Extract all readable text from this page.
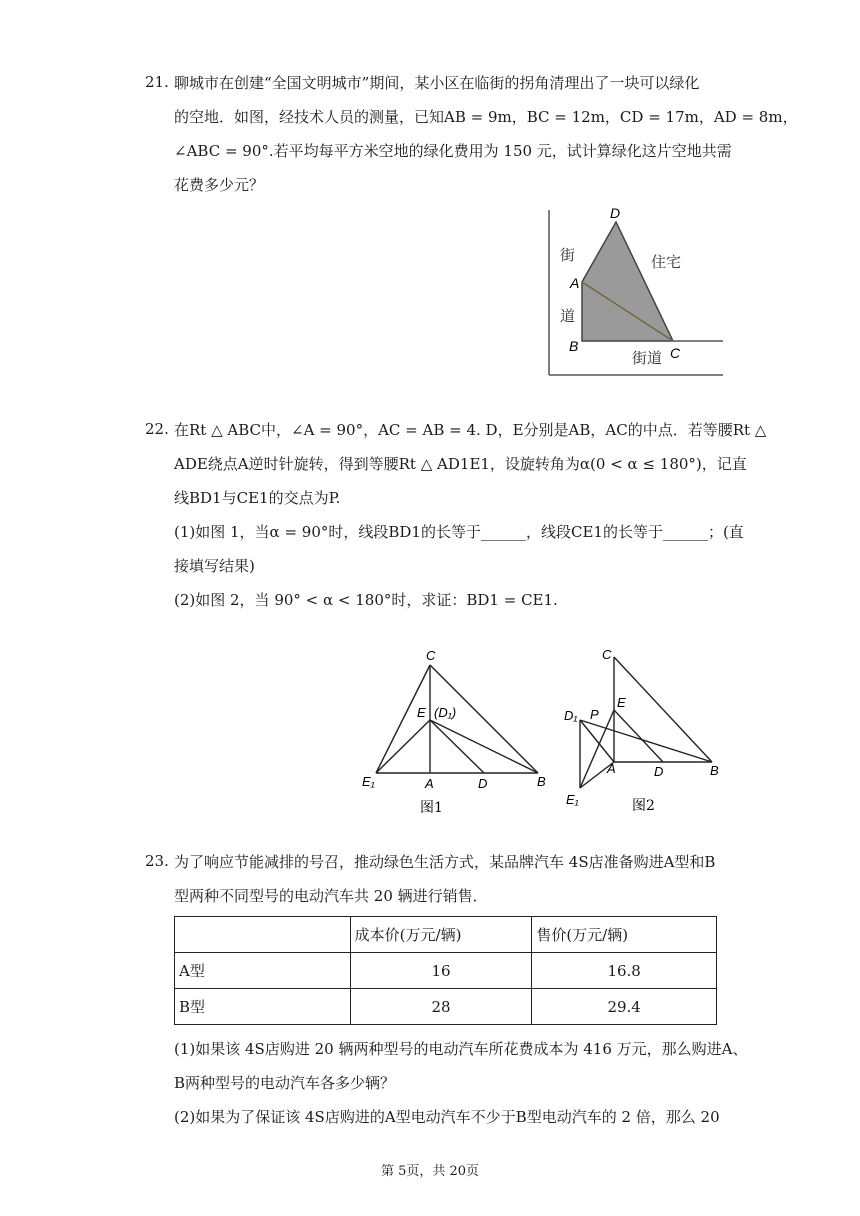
21. 聊城市在创建“全国文明城市”期间，某小区在临街的拐角清理出了一块可以绿化
的空地．如图，经技术人员的测量，已知AB = 9m，BC = 12m，CD = 17m，AD = 8m，
∠ABC = 90°.若平均每平方米空地的绿化费用为 150 元，试计算绿化这片空地共需
花费多少元？
D
A
B	C
街
道
街道
住宅
22. 在Rt △ ABC中，∠A = 90°，AC = AB = 4. D，E分别是AB，AC的中点．若等腰Rt △
ADE绕点A逆时针旋转，得到等腰Rt △ AD1E1，设旋转角为α(0 < α ≤ 180°)，记直
线BD1与CE1的交点为P.
(1)如图 1，当α = 90°时，线段BD1的长等于______，线段CE1的长等于______；(直
接填写结果)
(2)如图 2，当 90° < α < 180°时，求证：BD1 = CE1.
C
E (D₁)
E₁	A	D	B
图1
C
E
D₁ P
A	D	B
E₁	图2
23. 为了响应节能减排的号召，推动绿色生活方式，某品牌汽车 4S店准备购进A型和B
型两种不同型号的电动汽车共 20 辆进行销售．
	成本价(万元/辆)	售价(万元/辆)
A型	16	16.8
B型	28	29.4
(1)如果该 4S店购进 20 辆两种型号的电动汽车所花费成本为 416 万元，那么购进A、
B两种型号的电动汽车各多少辆？
(2)如果为了保证该 4S店购进的A型电动汽车不少于B型电动汽车的 2 倍，那么 20
第 5页，共 20页
